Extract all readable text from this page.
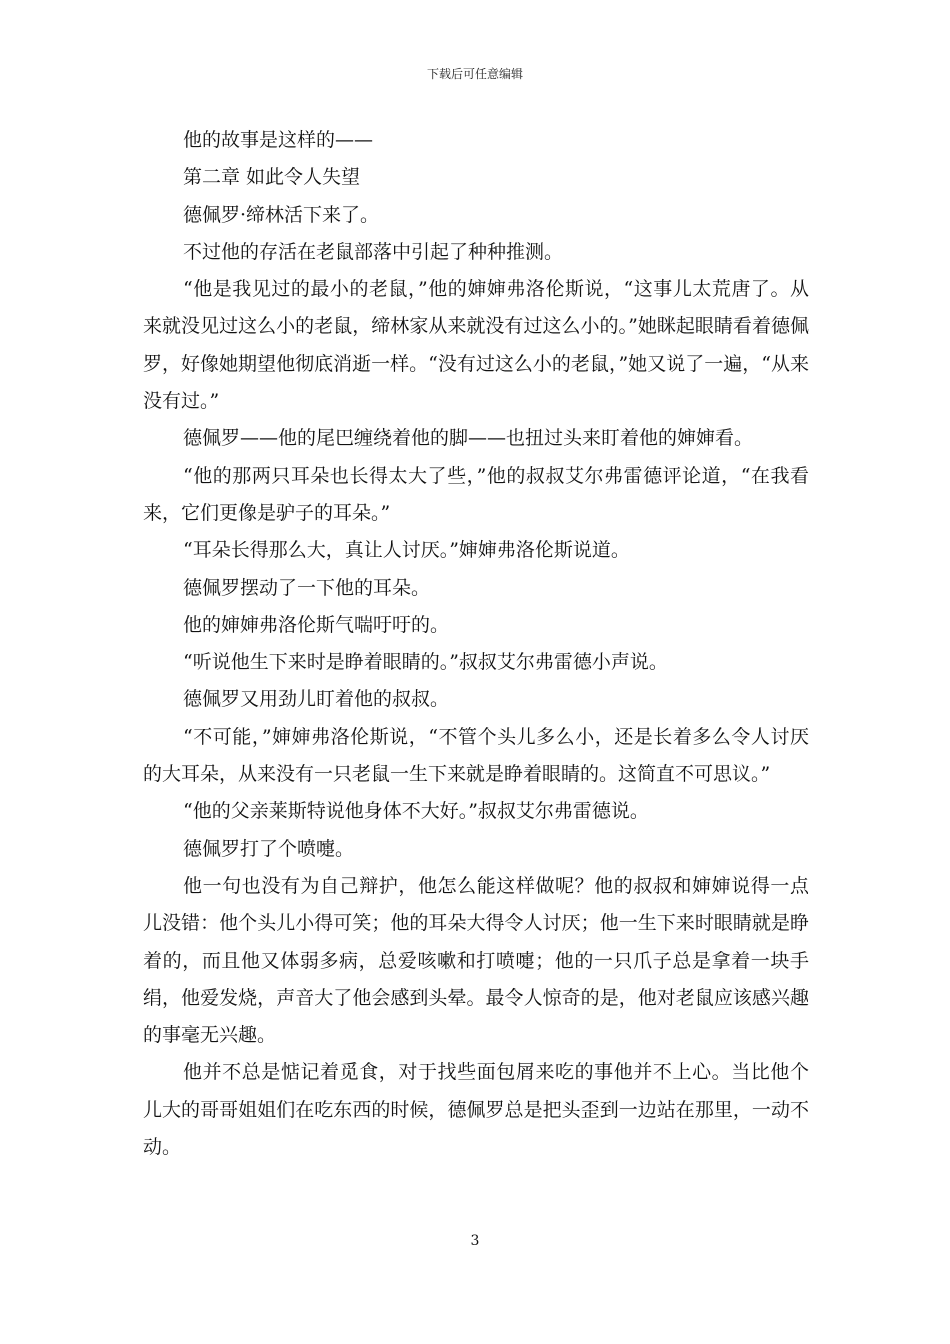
下载后可任意编辑

他的故事是这样的——

第二章 如此令人失望

德佩罗·缔林活下来了。

不过他的存活在老鼠部落中引起了种种推测。

“他是我见过的最小的老鼠，”他的婶婶弗洛伦斯说，“这事儿太荒唐了。从来就没见过这么小的老鼠，缔林家从来就没有过这么小的。”她眯起眼睛看着德佩罗，好像她期望他彻底消逝一样。“没有过这么小的老鼠，”她又说了一遍，“从来没有过。”

德佩罗——他的尾巴缠绕着他的脚——也扭过头来盯着他的婶婶看。

“他的那两只耳朵也长得太大了些，”他的叔叔艾尔弗雷德评论道，“在我看来，它们更像是驴子的耳朵。”

“耳朵长得那么大，真让人讨厌。”婶婶弗洛伦斯说道。

德佩罗摆动了一下他的耳朵。

他的婶婶弗洛伦斯气喘吁吁的。

“听说他生下来时是睁着眼睛的。”叔叔艾尔弗雷德小声说。

德佩罗又用劲儿盯着他的叔叔。

“不可能，”婶婶弗洛伦斯说，“不管个头儿多么小，还是长着多么令人讨厌的大耳朵，从来没有一只老鼠一生下来就是睁着眼睛的。这简直不可思议。”

“他的父亲莱斯特说他身体不大好。”叔叔艾尔弗雷德说。

德佩罗打了个喷嚏。

他一句也没有为自己辩护，他怎么能这样做呢？他的叔叔和婶婶说得一点儿没错：他个头儿小得可笑；他的耳朵大得令人讨厌；他一生下来时眼睛就是睁着的，而且他又体弱多病，总爱咳嗽和打喷嚏；他的一只爪子总是拿着一块手绢，他爱发烧，声音大了他会感到头晕。最令人惊奇的是，他对老鼠应该感兴趣的事毫无兴趣。

他并不总是惦记着觅食，对于找些面包屑来吃的事他并不上心。当比他个儿大的哥哥姐姐们在吃东西的时候，德佩罗总是把头歪到一边站在那里，一动不动。

3
